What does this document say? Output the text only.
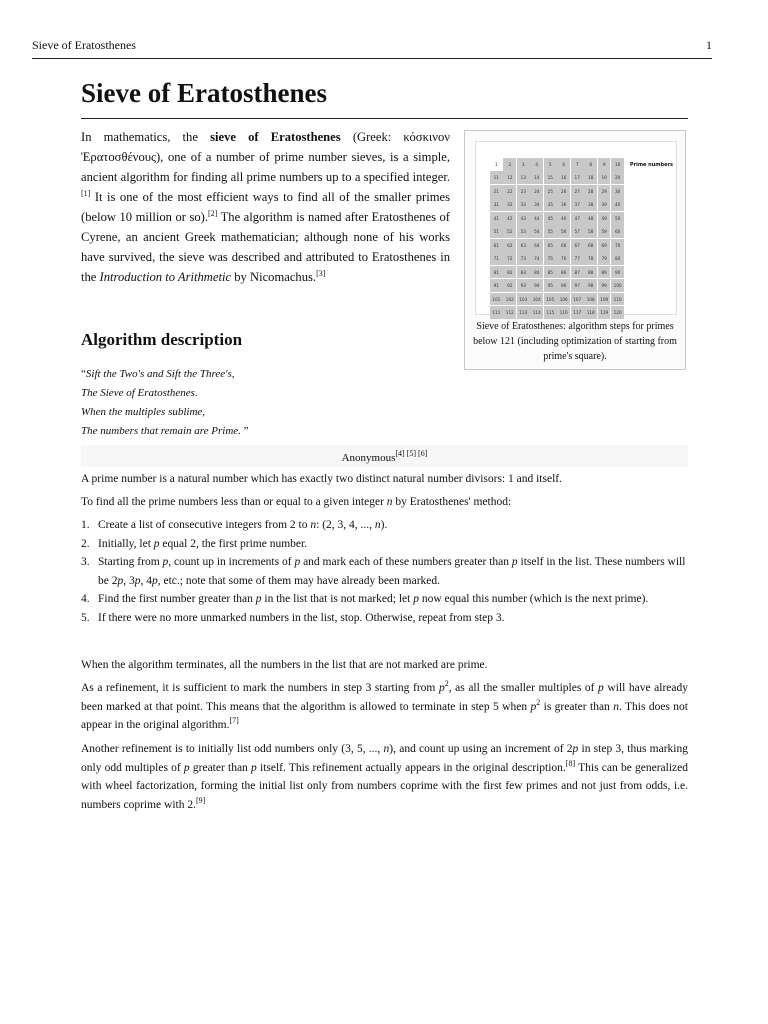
Sieve of Eratosthenes	1
Sieve of Eratosthenes

In mathematics, the sieve of Eratosthenes (Greek: κόσκινον Ἐρατοσθένους), one of a number of prime number sieves, is a simple, ancient algorithm for finding all prime numbers up to a specified integer.[1] It is one of the most efficient ways to find all of the smaller primes (below 10 million or so).[2] The algorithm is named after Eratosthenes of Cyrene, an ancient Greek mathematician; although none of his works have survived, the sieve was described and attributed to Eratosthenes in the Introduction to Arithmetic by Nicomachus.[3]

1	2	3	4	5	6	7	8	9	10
11	12	13	14	15	16	17	18	19	20
21	22	23	24	25	26	27	28	29	30
31	32	33	34	35	36	37	38	39	40
41	42	43	44	45	46	47	48	49	50
51	52	53	54	55	56	57	58	59	60
61	62	63	64	65	66	67	68	69	70
71	72	73	74	75	76	77	78	79	80
81	82	83	84	85	86	87	88	89	90
91	92	93	94	95	96	97	98	99	100
101	102	103	104	105	106	107	108	109	110
111	112	113	114	115	116	117	118	119	120
Prime numbers
Sieve of Eratosthenes: algorithm steps for primes below 121 (including optimization of starting from prime's square).
Algorithm description
“Sift the Two's and Sift the Three's,
The Sieve of Eratosthenes.
When the multiples sublime,
The numbers that remain are Prime. ”
Anonymous[4] [5] [6]

A prime number is a natural number which has exactly two distinct natural number divisors: 1 and itself.

To find all the prime numbers less than or equal to a given integer n by Eratosthenes' method:

1. Create a list of consecutive integers from 2 to n: (2, 3, 4, ..., n).
2. Initially, let p equal 2, the first prime number.
3. Starting from p, count up in increments of p and mark each of these numbers greater than p itself in the list. These numbers will be 2p, 3p, 4p, etc.; note that some of them may have already been marked.
4. Find the first number greater than p in the list that is not marked; let p now equal this number (which is the next prime).
5. If there were no more unmarked numbers in the list, stop. Otherwise, repeat from step 3.

When the algorithm terminates, all the numbers in the list that are not marked are prime.

As a refinement, it is sufficient to mark the numbers in step 3 starting from $p^2$, as all the smaller multiples of p will have already been marked at that point. This means that the algorithm is allowed to terminate in step 5 when $p^2$ is greater than n. This does not appear in the original algorithm.[7]

Another refinement is to initially list odd numbers only (3, 5, ..., n), and count up using an increment of 2p in step 3, thus marking only odd multiples of p greater than p itself. This refinement actually appears in the original description.[8] This can be generalized with wheel factorization, forming the initial list only from numbers coprime with the first few primes and not just from odds, i.e. numbers coprime with 2.[9]
